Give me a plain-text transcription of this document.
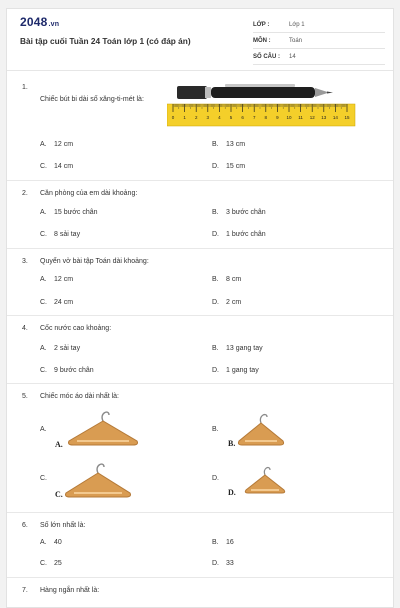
2048.vn
Bài tập cuối Tuần 24 Toán lớp 1 (có đáp án)
LỚP :	Lớp 1
MÔN :	Toán
SỐ CÂU : 14
1.
Chiếc bút bi dài số xăng-ti-mét là:
0 1 2 3 4 5 6 7 8 9 10 11 12 13 14 15
A. 12 cm	B. 13 cm
C. 14 cm	D. 15 cm
2. Căn phòng của em dài khoảng:
A. 15 bước chân	B. 3 bước chân
C. 8 sải tay	D. 1 bước chân
3. Quyển vở bài tập Toán dài khoảng:
A. 12 cm	B. 8 cm
C. 24 cm	D. 2 cm
4. Cốc nước cao khoảng:
A. 2 sải tay	B. 13 gang tay
C. 9 bước chân	D. 1 gang tay
5. Chiếc móc áo dài nhất là:
A.	B.
C.	D.
A.	B.
C.	D.
6. Số lớn nhất là:
A. 40	B. 16
C. 25	D. 33
7. Hàng ngắn nhất là:
